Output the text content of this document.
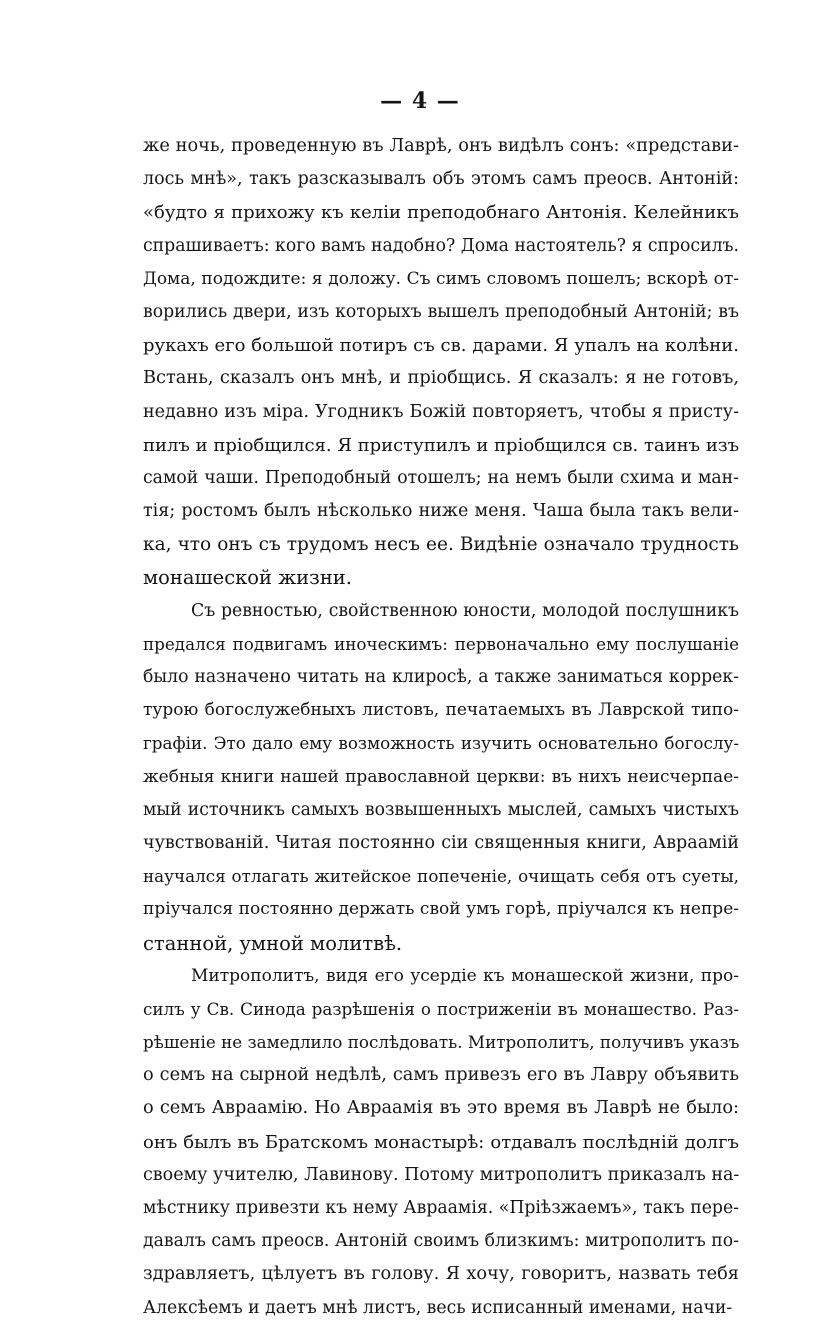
— 4 —
же ночь, проведенную въ Лаврѣ, онъ видѣлъ сонъ: «представи-
лось мнѣ», такъ разсказывалъ объ этомъ самъ преосв. Антоній:
«будто я прихожу къ келіи преподобнаго Антонія. Келейникъ
спрашиваетъ: кого вамъ надобно? Дома настоятель? я спросилъ.
Дома, подождите: я доложу. Съ симъ словомъ пошелъ; вскорѣ от-
ворились двери, изъ которыхъ вышелъ преподобный Антоній; въ
рукахъ его большой потиръ съ св. дарами. Я упалъ на колѣни.
Встань, сказалъ онъ мнѣ, и пріобщись. Я сказалъ: я не готовъ,
недавно изъ міра. Угодникъ Божій повторяетъ, чтобы я присту-
пилъ и пріобщился. Я приступилъ и пріобщился св. таинъ изъ
самой чаши. Преподобный отошелъ; на немъ были схима и ман-
тія; ростомъ былъ нѣсколько ниже меня. Чаша была такъ вели-
ка, что онъ съ трудомъ несъ ее. Видѣніе означало трудность
монашеской жизни.
Съ ревностью, свойственною юности, молодой послушникъ
предался подвигамъ иноческимъ: первоначально ему послушаніе
было назначено читать на клиросѣ, а также заниматься коррек-
турою богослужебныхъ листовъ, печатаемыхъ въ Лаврской типо-
графіи. Это дало ему возможность изучить основательно богослу-
жебныя книги нашей православной церкви: въ нихъ неисчерпае-
мый источникъ самыхъ возвышенныхъ мыслей, самыхъ чистыхъ
чувствованій. Читая постоянно сіи священныя книги, Авраамій
научался отлагать житейское попеченіе, очищать себя отъ суеты,
пріучался постоянно держать свой умъ горѣ, пріучался къ непре-
станной, умной молитвѣ.
Митрополитъ, видя его усердіе къ монашеской жизни, про-
силъ у Св. Синода разрѣшенія о постриженіи въ монашество. Раз-
рѣшеніе не замедлило послѣдовать. Митрополитъ, получивъ указъ
о семъ на сырной недѣлѣ, самъ привезъ его въ Лавру объявить
о семъ Авраамію. Но Авраамія въ это время въ Лаврѣ не было:
онъ былъ въ Братскомъ монастырѣ: отдавалъ послѣдній долгъ
своему учителю, Лавинову. Потому митрополитъ приказалъ на-
мѣстнику привезти къ нему Авраамія. «Пріѣзжаемъ», такъ пере-
давалъ самъ преосв. Антоній своимъ близкимъ: митрополитъ по-
здравляетъ, цѣлуетъ въ голову. Я хочу, говоритъ, назвать тебя
Алексѣемъ и даетъ мнѣ листъ, весь исписанный именами, начи-
